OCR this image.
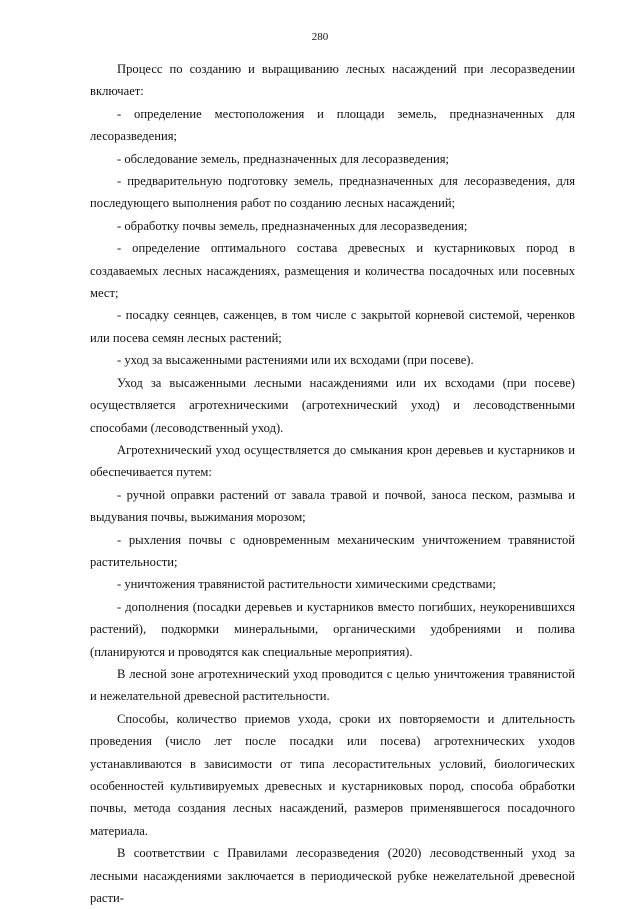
280

Процесс по созданию и выращиванию лесных насаждений при лесоразведении включает:

- определение местоположения и площади земель, предназначенных для лесоразведения;

- обследование земель, предназначенных для лесоразведения;

- предварительную подготовку земель, предназначенных для лесоразведения, для последующего выполнения работ по созданию лесных насаждений;

- обработку почвы земель, предназначенных для лесоразведения;

- определение оптимального состава древесных и кустарниковых пород в создаваемых лесных насаждениях, размещения и количества посадочных или посевных мест;

- посадку сеянцев, саженцев, в том числе с закрытой корневой системой, черенков или посева семян лесных растений;

- уход за высаженными растениями или их всходами (при посеве).

Уход за высаженными лесными насаждениями или их всходами (при посеве) осуществляется агротехническими (агротехнический уход) и лесоводственными способами (лесоводственный уход).

Агротехнический уход осуществляется до смыкания крон деревьев и кустарников и обеспечивается путем:

- ручной оправки растений от завала травой и почвой, заноса песком, размыва и выдувания почвы, выжимания морозом;

- рыхления почвы с одновременным механическим уничтожением травянистой растительности;

- уничтожения травянистой растительности химическими средствами;

- дополнения (посадки деревьев и кустарников вместо погибших, неукоренившихся растений), подкормки минеральными, органическими удобрениями и полива (планируются и проводятся как специальные мероприятия).

В лесной зоне агротехнический уход проводится с целью уничтожения травянистой и нежелательной древесной растительности.

Способы, количество приемов ухода, сроки их повторяемости и длительность проведения (число лет после посадки или посева) агротехнических уходов устанавливаются в зависимости от типа лесорастительных условий, биологических особенностей культивируемых древесных и кустарниковых пород, способа обработки почвы, метода создания лесных насаждений, размеров применявшегося посадочного материала.

В соответствии с Правилами лесоразведения (2020) лесоводственный уход за лесными насаждениями заключается в периодической рубке нежелательной древесной расти-
